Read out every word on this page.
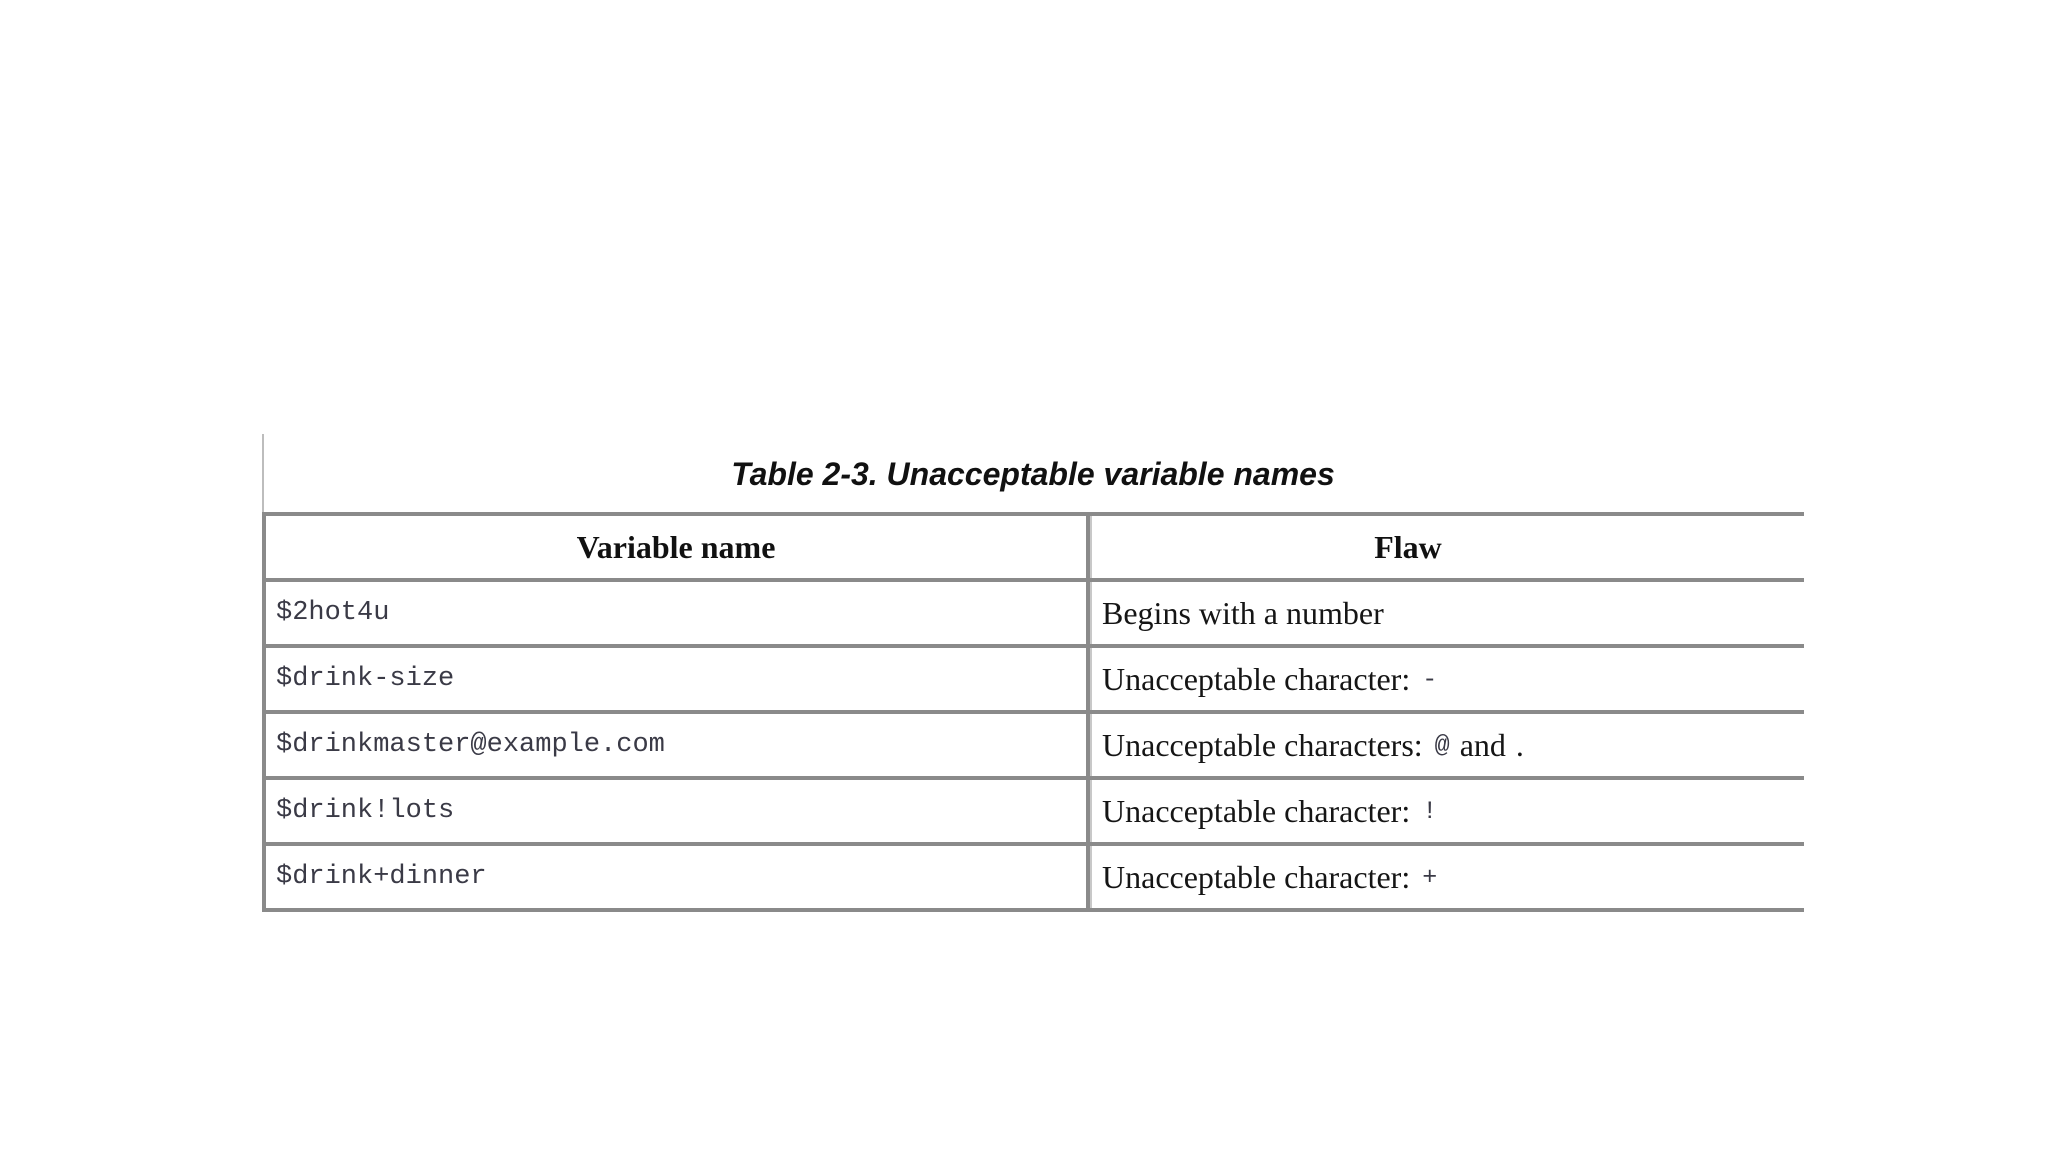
Table 2-3. Unacceptable variable names
Variable name	Flaw
$2hot4u	Begins with a number
$drink-size	Unacceptable character: -
$drinkmaster@example.com	Unacceptable characters: @ and .
$drink!lots	Unacceptable character: !
$drink+dinner	Unacceptable character: +
